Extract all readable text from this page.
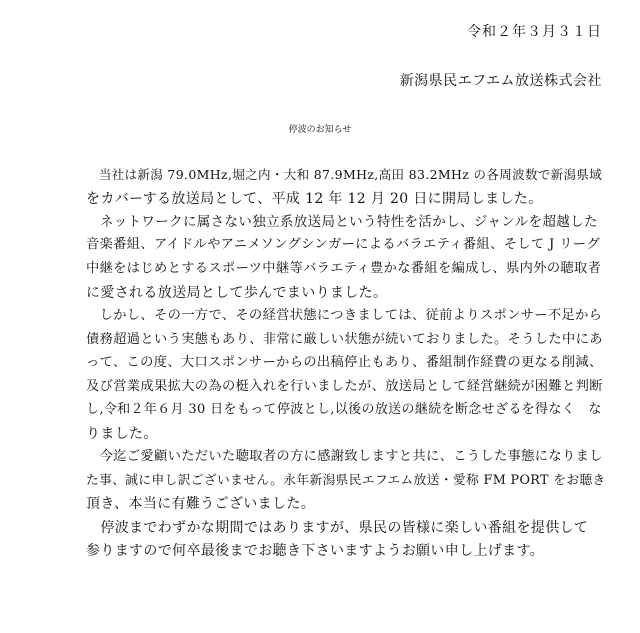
令和２年３月３１日
新潟県民エフエム放送株式会社
停波のお知らせ
　当社は新潟 79.0MHz,堀之内・大和 87.9MHz,高田 83.2MHz の各周波数で新潟県域
をカバーする放送局として、平成 12 年 12 月 20 日に開局しました。
　ネットワークに属さない独立系放送局という特性を活かし、ジャンルを超越した
音楽番組、アイドルやアニメソングシンガーによるバラエティ番組、そして J リーグ
中継をはじめとするスポーツ中継等バラエティ豊かな番組を編成し、県内外の聴取者
に愛される放送局として歩んでまいりました。
　しかし、その一方で、その経営状態につきましては、従前よりスポンサー不足から
債務超過という実態もあり、非常に厳しい状態が続いておりました。そうした中にあ
って、この度、大口スポンサーからの出稿停止もあり、番組制作経費の更なる削減、
及び営業成果拡大の為の梃入れを行いましたが、放送局として経営継続が困難と判断
し,令和２年６月 30 日をもって停波とし,以後の放送の継続を断念せざるを得なく　な
りました。
　今迄ご愛顧いただいた聴取者の方に感謝致しますと共に、こうした事態になりまし
た事、誠に申し訳ございません。永年新潟県民エフエム放送・愛称 FM PORT をお聴き
頂き、本当に有難うございました。
　停波までわずかな期間ではありますが、県民の皆様に楽しい番組を提供して
参りますので何卒最後までお聴き下さいますようお願い申し上げます。
